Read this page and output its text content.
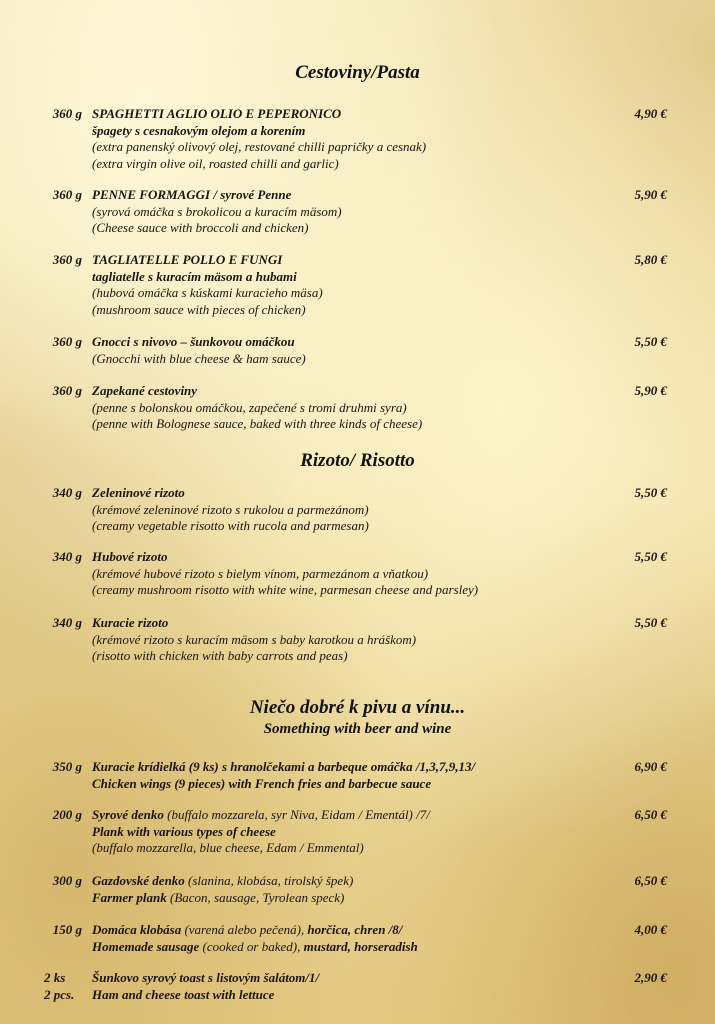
Cestoviny/Pasta
360 g SPAGHETTI AGLIO OLIO E PEPERONICO
špagety s cesnakovým olejom a korením
(extra panenský olivový olej, restované chilli papričky a cesnak)
(extra virgin olive oil, roasted chilli and garlic)
4,90 €
360 g PENNE FORMAGGI / syrové Penne
(syrová omáčka s brokolicou a kuracím mäsom)
(Cheese sauce with broccoli and chicken)
5,90 €
360 g TAGLIATELLE POLLO E FUNGI
tagliatelle s kuracím mäsom a hubami
(hubová omáčka s kúskami kuracieho mäsa)
(mushroom sauce with pieces of chicken)
5,80 €
360 g Gnocci s nivovo – šunkovou omáčkou
(Gnocchi with blue cheese & ham sauce)
5,50 €
360 g Zapekané cestoviny
(penne s bolonskou omáčkou, zapečené s tromi druhmi syra)
(penne with Bolognese sauce, baked with three kinds of cheese)
5,90 €
Rizoto/ Risotto
340 g Zeleninové rizoto
(krémové zeleninové rizoto s rukolou a parmezánom)
(creamy vegetable risotto with rucola and parmesan)
5,50 €
340 g Hubové rizoto
(krémové hubové rizoto s bielym vínom, parmezánom a vňatkou)
(creamy mushroom risotto with white wine, parmesan cheese and parsley)
5,50 €
340 g Kuracie rizoto
(krémové rizoto s kuracím mäsom s baby karotkou a hráškom)
(risotto with chicken with baby carrots and peas)
5,50 €
Niečo dobré k pivu a vínu...
Something with beer and wine
350 g Kuracie krídielká (9 ks) s hranolčekami a barbeque omáčka /1,3,7,9,13/
Chicken wings (9 pieces) with French fries and barbecue sauce
6,90 €
200 g Syrové denko (buffalo mozzarela, syr Niva, Eidam / Ementál) /7/
Plank with various types of cheese
(buffalo mozzarella, blue cheese, Edam / Emmental)
6,50 €
300 g Gazdovské denko (slanina, klobása, tirolský špek)
Farmer plank (Bacon, sausage, Tyrolean speck)
6,50 €
150 g Domáca klobása (varená alebo pečená), horčica, chren /8/
Homemade sausage (cooked or baked), mustard, horseradish
4,00 €
2 ks
2 pcs.
Šunkovo syrový toast s listovým šalátom/1/
Ham and cheese toast with lettuce
2,90 €
